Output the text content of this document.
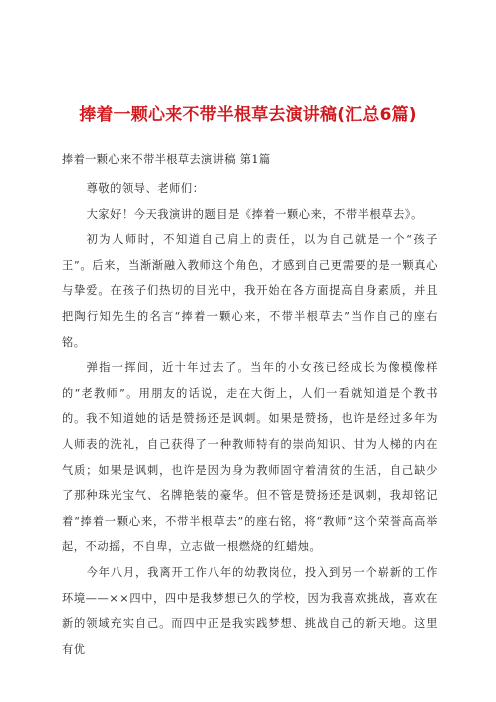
捧着一颗心来不带半根草去演讲稿(汇总6篇)
捧着一颗心来不带半根草去演讲稿 第1篇

尊敬的领导、老师们：

大家好！今天我演讲的题目是《捧着一颗心来，不带半根草去》。

初为人师时，不知道自己肩上的责任，以为自己就是一个“孩子王”。后来，当渐渐融入教师这个角色，才感到自己更需要的是一颗真心与挚爱。在孩子们热切的目光中，我开始在各方面提高自身素质，并且把陶行知先生的名言“捧着一颗心来，不带半根草去”当作自己的座右铭。

弹指一挥间，近十年过去了。当年的小女孩已经成长为像模像样的“老教师”。用朋友的话说，走在大街上，人们一看就知道是个教书的。我不知道她的话是赞扬还是讽刺。如果是赞扬，也许是经过多年为人师表的洗礼，自己获得了一种教师特有的崇尚知识、甘为人梯的内在气质；如果是讽刺，也许是因为身为教师固守着清贫的生活，自己缺少了那种珠光宝气、名牌艳装的豪华。但不管是赞扬还是讽刺，我却铭记着“捧着一颗心来，不带半根草去”的座右铭，将“教师”这个荣誉高高举起，不动摇，不自卑，立志做一根燃烧的红蜡烛。

今年八月，我离开工作八年的幼教岗位，投入到另一个崭新的工作环境——××四中，四中是我梦想已久的学校，因为我喜欢挑战，喜欢在新的领域充实自己。而四中正是我实践梦想、挑战自己的新天地。这里有优
